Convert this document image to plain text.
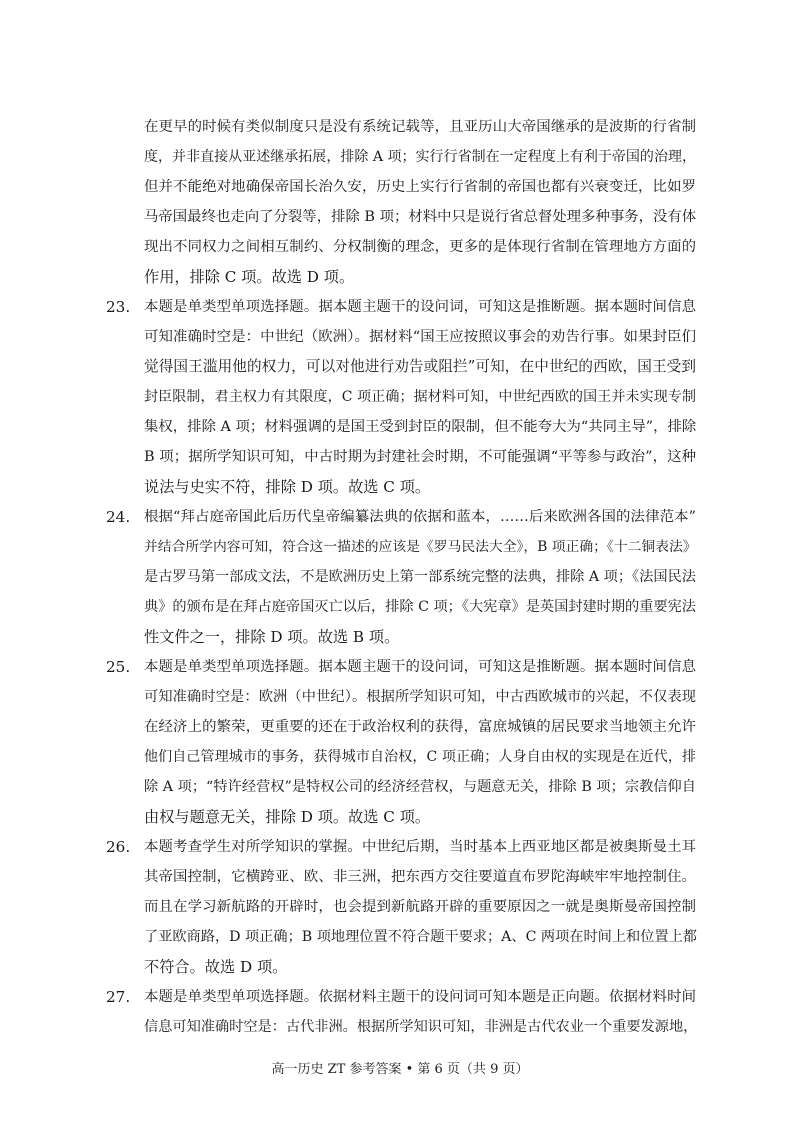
在更早的时候有类似制度只是没有系统记载等，且亚历山大帝国继承的是波斯的行省制
度，并非直接从亚述继承拓展，排除 A 项；实行行省制在一定程度上有利于帝国的治理，
但并不能绝对地确保帝国长治久安，历史上实行行省制的帝国也都有兴衰变迁，比如罗
马帝国最终也走向了分裂等，排除 B 项；材料中只是说行省总督处理多种事务，没有体
现出不同权力之间相互制约、分权制衡的理念，更多的是体现行省制在管理地方方面的
作用，排除 C 项。故选 D 项。
23. 本题是单类型单项选择题。据本题主题干的设问词，可知这是推断题。据本题时间信息
可知准确时空是：中世纪（欧洲）。据材料“国王应按照议事会的劝告行事。如果封臣们
觉得国王滥用他的权力，可以对他进行劝告或阻拦”可知，在中世纪的西欧，国王受到
封臣限制，君主权力有其限度，C 项正确；据材料可知，中世纪西欧的国王并未实现专制
集权，排除 A 项；材料强调的是国王受到封臣的限制，但不能夸大为“共同主导”，排除
B 项；据所学知识可知，中古时期为封建社会时期，不可能强调“平等参与政治”，这种
说法与史实不符，排除 D 项。故选 C 项。
24. 根据“拜占庭帝国此后历代皇帝编纂法典的依据和蓝本，……后来欧洲各国的法律范本”
并结合所学内容可知，符合这一描述的应该是《罗马民法大全》，B 项正确；《十二铜表法》
是古罗马第一部成文法，不是欧洲历史上第一部系统完整的法典，排除 A 项；《法国民法
典》的颁布是在拜占庭帝国灭亡以后，排除 C 项；《大宪章》是英国封建时期的重要宪法
性文件之一，排除 D 项。故选 B 项。
25. 本题是单类型单项选择题。据本题主题干的设问词，可知这是推断题。据本题时间信息
可知准确时空是：欧洲（中世纪）。根据所学知识可知，中古西欧城市的兴起，不仅表现
在经济上的繁荣，更重要的还在于政治权利的获得，富庶城镇的居民要求当地领主允许
他们自己管理城市的事务，获得城市自治权，C 项正确；人身自由权的实现是在近代，排
除 A 项；“特许经营权”是特权公司的经济经营权，与题意无关，排除 B 项；宗教信仰自
由权与题意无关，排除 D 项。故选 C 项。
26. 本题考查学生对所学知识的掌握。中世纪后期，当时基本上西亚地区都是被奥斯曼土耳
其帝国控制，它横跨亚、欧、非三洲，把东西方交往要道直布罗陀海峡牢牢地控制住。
而且在学习新航路的开辟时，也会提到新航路开辟的重要原因之一就是奥斯曼帝国控制
了亚欧商路，D 项正确；B 项地理位置不符合题干要求；A、C 两项在时间上和位置上都
不符合。故选 D 项。
27. 本题是单类型单项选择题。依据材料主题干的设问词可知本题是正向题。依据材料时间
信息可知准确时空是：古代非洲。根据所学知识可知，非洲是古代农业一个重要发源地，
高一历史 ZT 参考答案 • 第 6 页（共 9 页）
